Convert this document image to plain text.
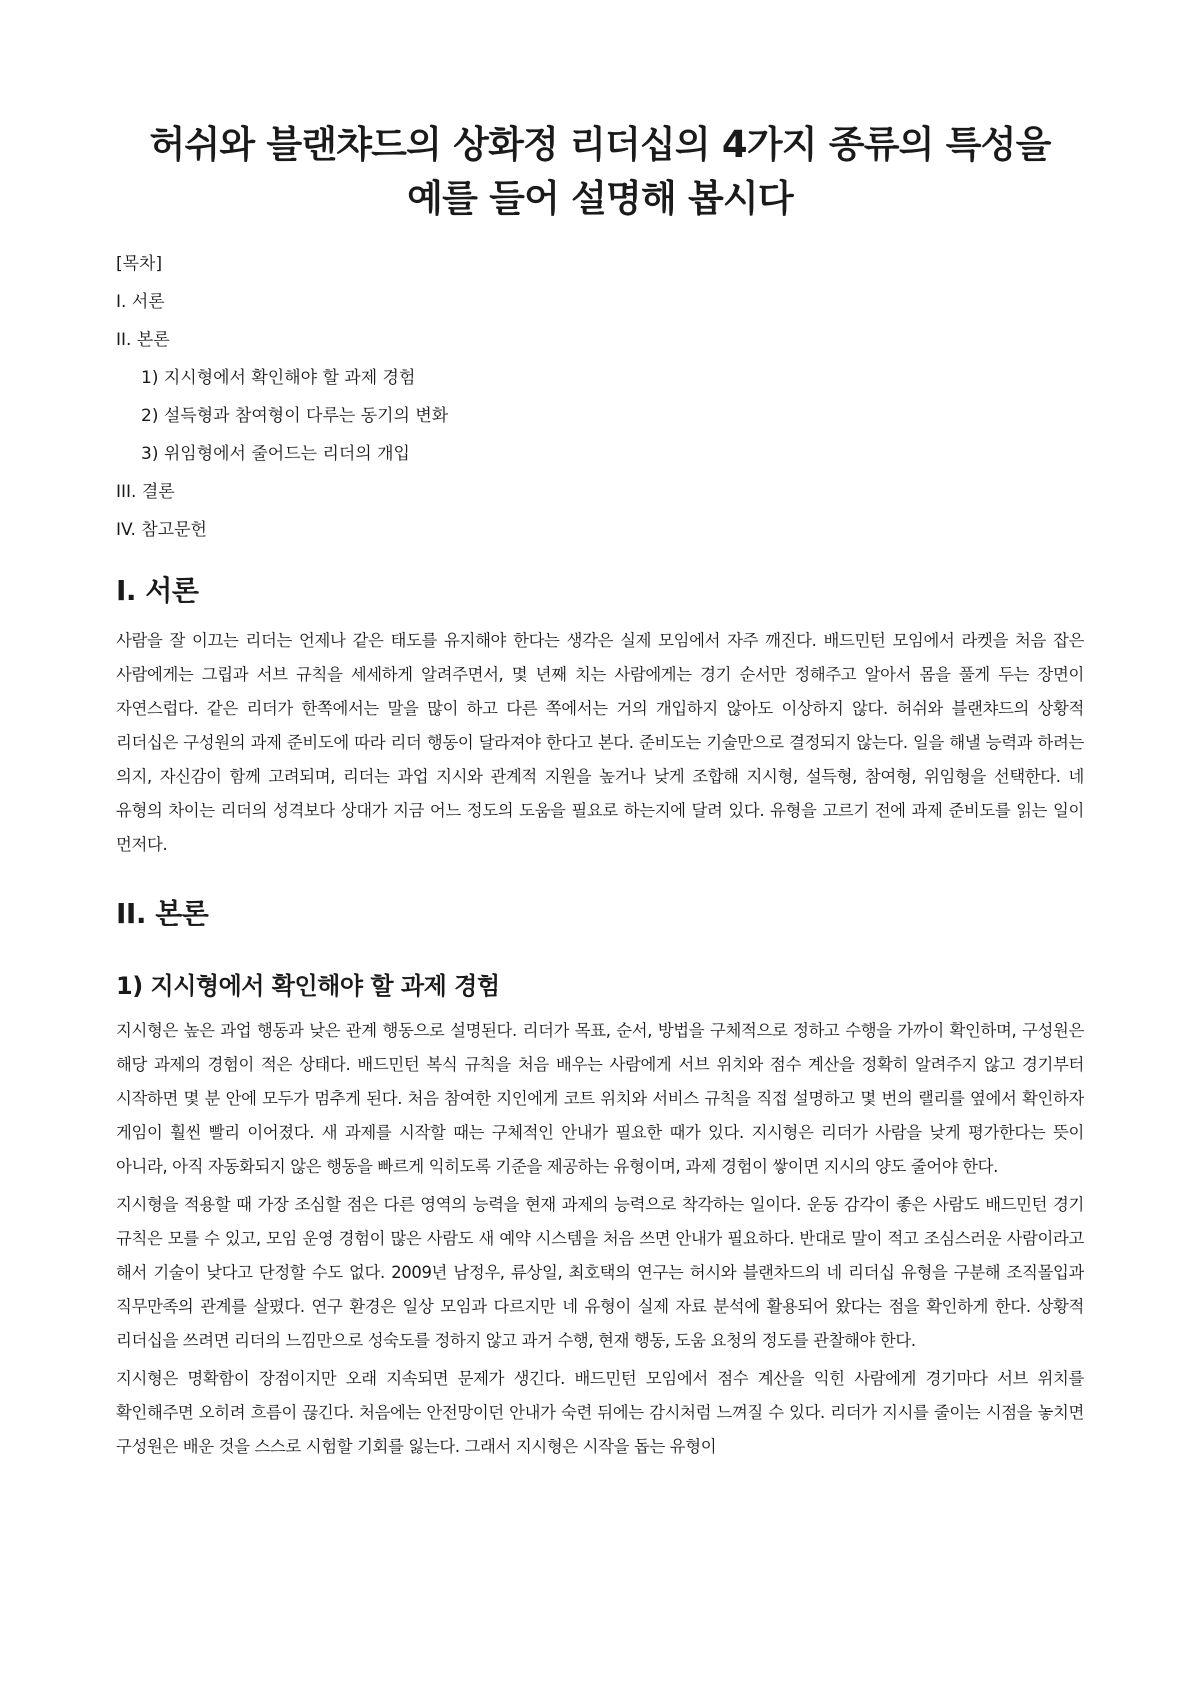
허쉬와 블랜챠드의 상화정 리더십의 4가지 종류의 특성을 예를 들어 설명해 봅시다
[목차]
I. 서론
II. 본론
1) 지시형에서 확인해야 할 과제 경험
2) 설득형과 참여형이 다루는 동기의 변화
3) 위임형에서 줄어드는 리더의 개입
III. 결론
IV. 참고문헌
I. 서론

사람을 잘 이끄는 리더는 언제나 같은 태도를 유지해야 한다는 생각은 실제 모임에서 자주 깨진다. 배드민턴 모임에서 라켓을 처음 잡은 사람에게는 그립과 서브 규칙을 세세하게 알려주면서, 몇 년째 치는 사람에게는 경기 순서만 정해주고 알아서 몸을 풀게 두는 장면이 자연스럽다. 같은 리더가 한쪽에서는 말을 많이 하고 다른 쪽에서는 거의 개입하지 않아도 이상하지 않다. 허쉬와 블랜챠드의 상황적 리더십은 구성원의 과제 준비도에 따라 리더 행동이 달라져야 한다고 본다. 준비도는 기술만으로 결정되지 않는다. 일을 해낼 능력과 하려는 의지, 자신감이 함께 고려되며, 리더는 과업 지시와 관계적 지원을 높거나 낮게 조합해 지시형, 설득형, 참여형, 위임형을 선택한다. 네 유형의 차이는 리더의 성격보다 상대가 지금 어느 정도의 도움을 필요로 하는지에 달려 있다. 유형을 고르기 전에 과제 준비도를 읽는 일이 먼저다.

II. 본론
1) 지시형에서 확인해야 할 과제 경험

지시형은 높은 과업 행동과 낮은 관계 행동으로 설명된다. 리더가 목표, 순서, 방법을 구체적으로 정하고 수행을 가까이 확인하며, 구성원은 해당 과제의 경험이 적은 상태다. 배드민턴 복식 규칙을 처음 배우는 사람에게 서브 위치와 점수 계산을 정확히 알려주지 않고 경기부터 시작하면 몇 분 안에 모두가 멈추게 된다. 처음 참여한 지인에게 코트 위치와 서비스 규칙을 직접 설명하고 몇 번의 랠리를 옆에서 확인하자 게임이 훨씬 빨리 이어졌다. 새 과제를 시작할 때는 구체적인 안내가 필요한 때가 있다. 지시형은 리더가 사람을 낮게 평가한다는 뜻이 아니라, 아직 자동화되지 않은 행동을 빠르게 익히도록 기준을 제공하는 유형이며, 과제 경험이 쌓이면 지시의 양도 줄어야 한다.

지시형을 적용할 때 가장 조심할 점은 다른 영역의 능력을 현재 과제의 능력으로 착각하는 일이다. 운동 감각이 좋은 사람도 배드민턴 경기 규칙은 모를 수 있고, 모임 운영 경험이 많은 사람도 새 예약 시스템을 처음 쓰면 안내가 필요하다. 반대로 말이 적고 조심스러운 사람이라고 해서 기술이 낮다고 단정할 수도 없다. 2009년 남정우, 류상일, 최호택의 연구는 허시와 블랜차드의 네 리더십 유형을 구분해 조직몰입과 직무만족의 관계를 살폈다. 연구 환경은 일상 모임과 다르지만 네 유형이 실제 자료 분석에 활용되어 왔다는 점을 확인하게 한다. 상황적 리더십을 쓰려면 리더의 느낌만으로 성숙도를 정하지 않고 과거 수행, 현재 행동, 도움 요청의 정도를 관찰해야 한다.

지시형은 명확함이 장점이지만 오래 지속되면 문제가 생긴다. 배드민턴 모임에서 점수 계산을 익힌 사람에게 경기마다 서브 위치를 확인해주면 오히려 흐름이 끊긴다. 처음에는 안전망이던 안내가 숙련 뒤에는 감시처럼 느껴질 수 있다. 리더가 지시를 줄이는 시점을 놓치면 구성원은 배운 것을 스스로 시험할 기회를 잃는다. 그래서 지시형은 시작을 돕는 유형이
